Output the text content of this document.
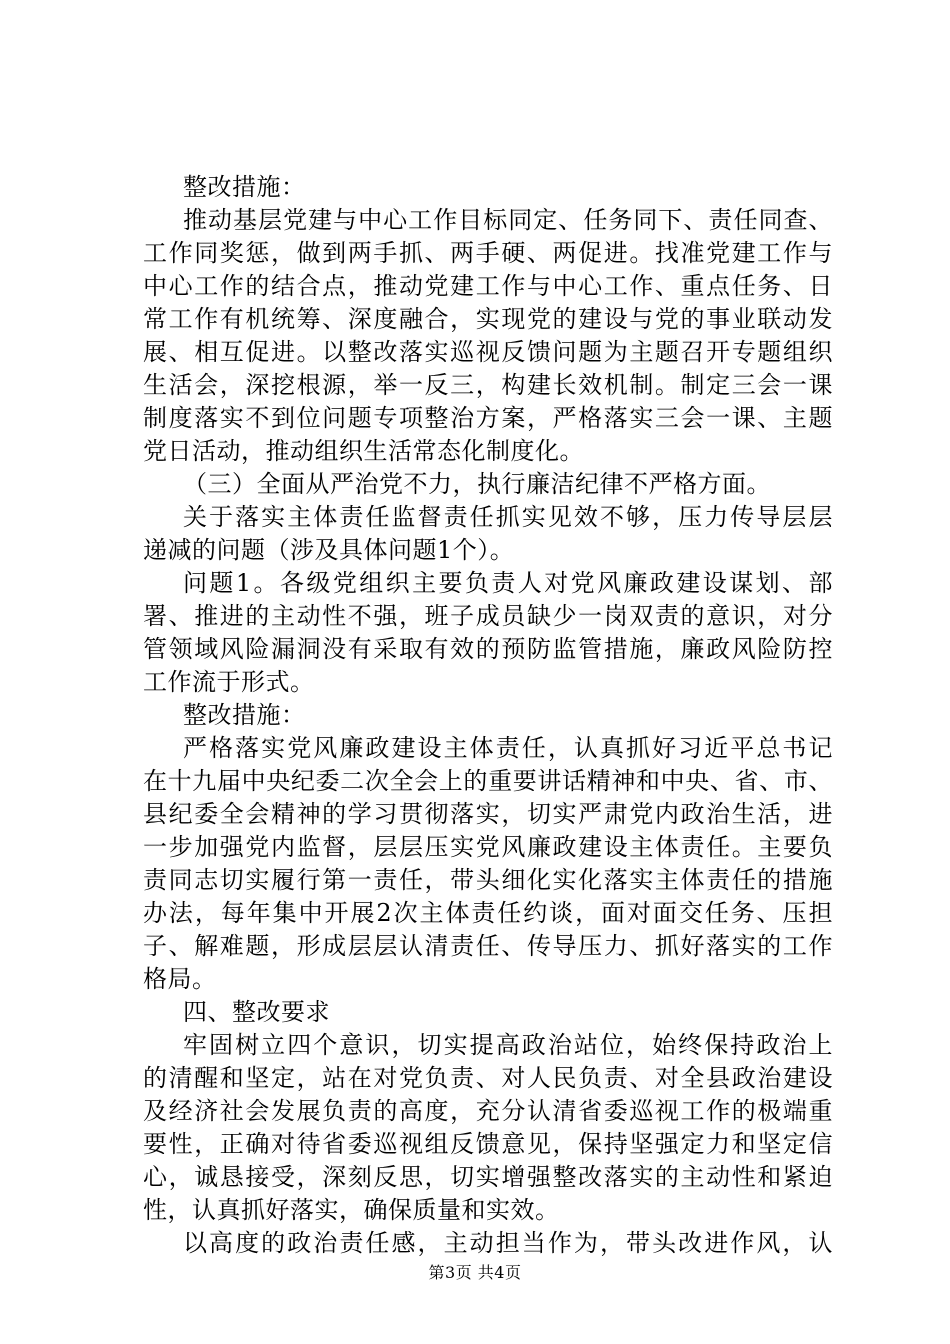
整改措施：
推动基层党建与中心工作目标同定、任务同下、责任同查、
工作同奖惩，做到两手抓、两手硬、两促进。找准党建工作与
中心工作的结合点，推动党建工作与中心工作、重点任务、日
常工作有机统筹、深度融合，实现党的建设与党的事业联动发
展、相互促进。以整改落实巡视反馈问题为主题召开专题组织
生活会，深挖根源，举一反三，构建长效机制。制定三会一课
制度落实不到位问题专项整治方案，严格落实三会一课、主题
党日活动，推动组织生活常态化制度化。
（三）全面从严治党不力，执行廉洁纪律不严格方面。
关于落实主体责任监督责任抓实见效不够，压力传导层层
递减的问题（涉及具体问题1个）。
问题1。各级党组织主要负责人对党风廉政建设谋划、部
署、推进的主动性不强，班子成员缺少一岗双责的意识，对分
管领域风险漏洞没有采取有效的预防监管措施，廉政风险防控
工作流于形式。
整改措施：
严格落实党风廉政建设主体责任，认真抓好习近平总书记
在十九届中央纪委二次全会上的重要讲话精神和中央、省、市、
县纪委全会精神的学习贯彻落实，切实严肃党内政治生活，进
一步加强党内监督，层层压实党风廉政建设主体责任。主要负
责同志切实履行第一责任，带头细化实化落实主体责任的措施
办法，每年集中开展2次主体责任约谈，面对面交任务、压担
子、解难题，形成层层认清责任、传导压力、抓好落实的工作
格局。
四、整改要求
牢固树立四个意识，切实提高政治站位，始终保持政治上
的清醒和坚定，站在对党负责、对人民负责、对全县政治建设
及经济社会发展负责的高度，充分认清省委巡视工作的极端重
要性，正确对待省委巡视组反馈意见，保持坚强定力和坚定信
心，诚恳接受，深刻反思，切实增强整改落实的主动性和紧迫
性，认真抓好落实，确保质量和实效。
以高度的政治责任感，主动担当作为，带头改进作风，认
第3页 共4页
